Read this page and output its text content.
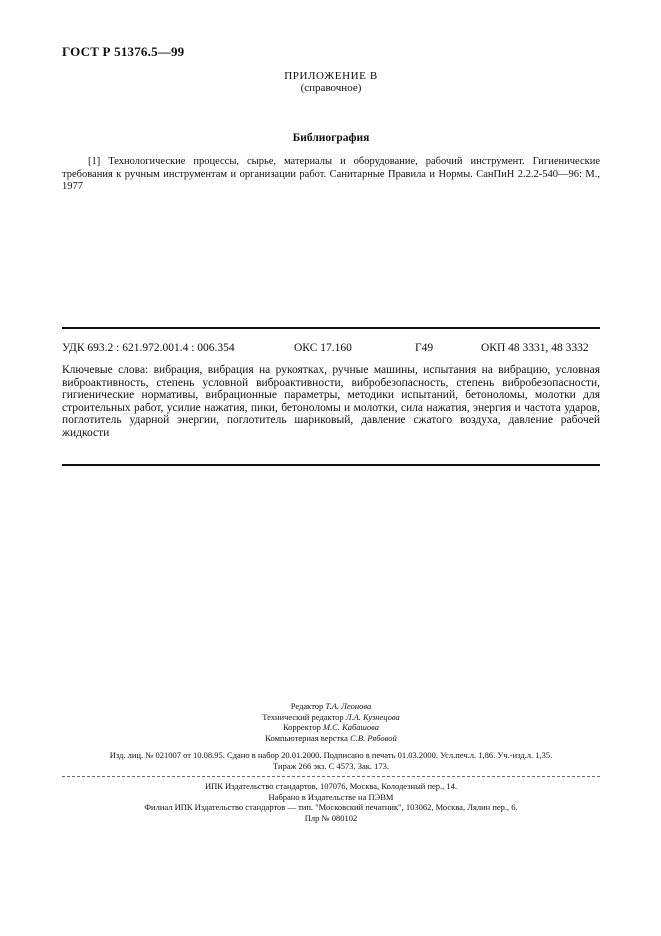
ГОСТ Р 51376.5—99
ПРИЛОЖЕНИЕ В
(справочное)
Библиография
[1] Технологические процессы, сырье, материалы и оборудование, рабочий инструмент. Гигиенические требования к ручным инструментам и организации работ. Санитарные Правила и Нормы. СанПиН 2.2.2-540—96: М., 1977
УДК 693.2 : 621.972.001.4 : 006.354	ОКС 17.160	Г49	ОКП 48 3331, 48 3332
Ключевые слова: вибрация, вибрация на рукоятках, ручные машины, испытания на вибрацию, условная виброактивность, степень условной виброактивности, вибробезопасность, степень вибробезопасности, гигиенические нормативы, вибрационные параметры, методики испытаний, бетоноломы, молотки для строительных работ, усилие нажатия, пики, бетоноломы и молотки, сила нажатия, энергия и частота ударов, поглотитель ударной энергии, поглотитель шариковый, давление сжатого воздуха, давление рабочей жидкости
Редактор Т.А. Леонова
Технический редактор Л.А. Кузнецова
Корректор М.С. Кабашова
Компьютерная верстка С.В. Рябовой
Изд. лиц. № 021007 от 10.08.95. Сдано в набор 20.01.2000. Подписано в печать 01.03.2000. Усл.печ.л. 1,86. Уч.-изд.л. 1,35.
Тираж 266 экз. С 4573. Зак. 173.
ИПК Издательство стандартов, 107076, Москва, Колодезный пер., 14.
Набрано в Издательстве на ПЭВМ
Филиал ИПК Издательство стандартов — тип. "Московский печатник", 103062, Москва, Лялин пер., 6.
Плр № 080102
